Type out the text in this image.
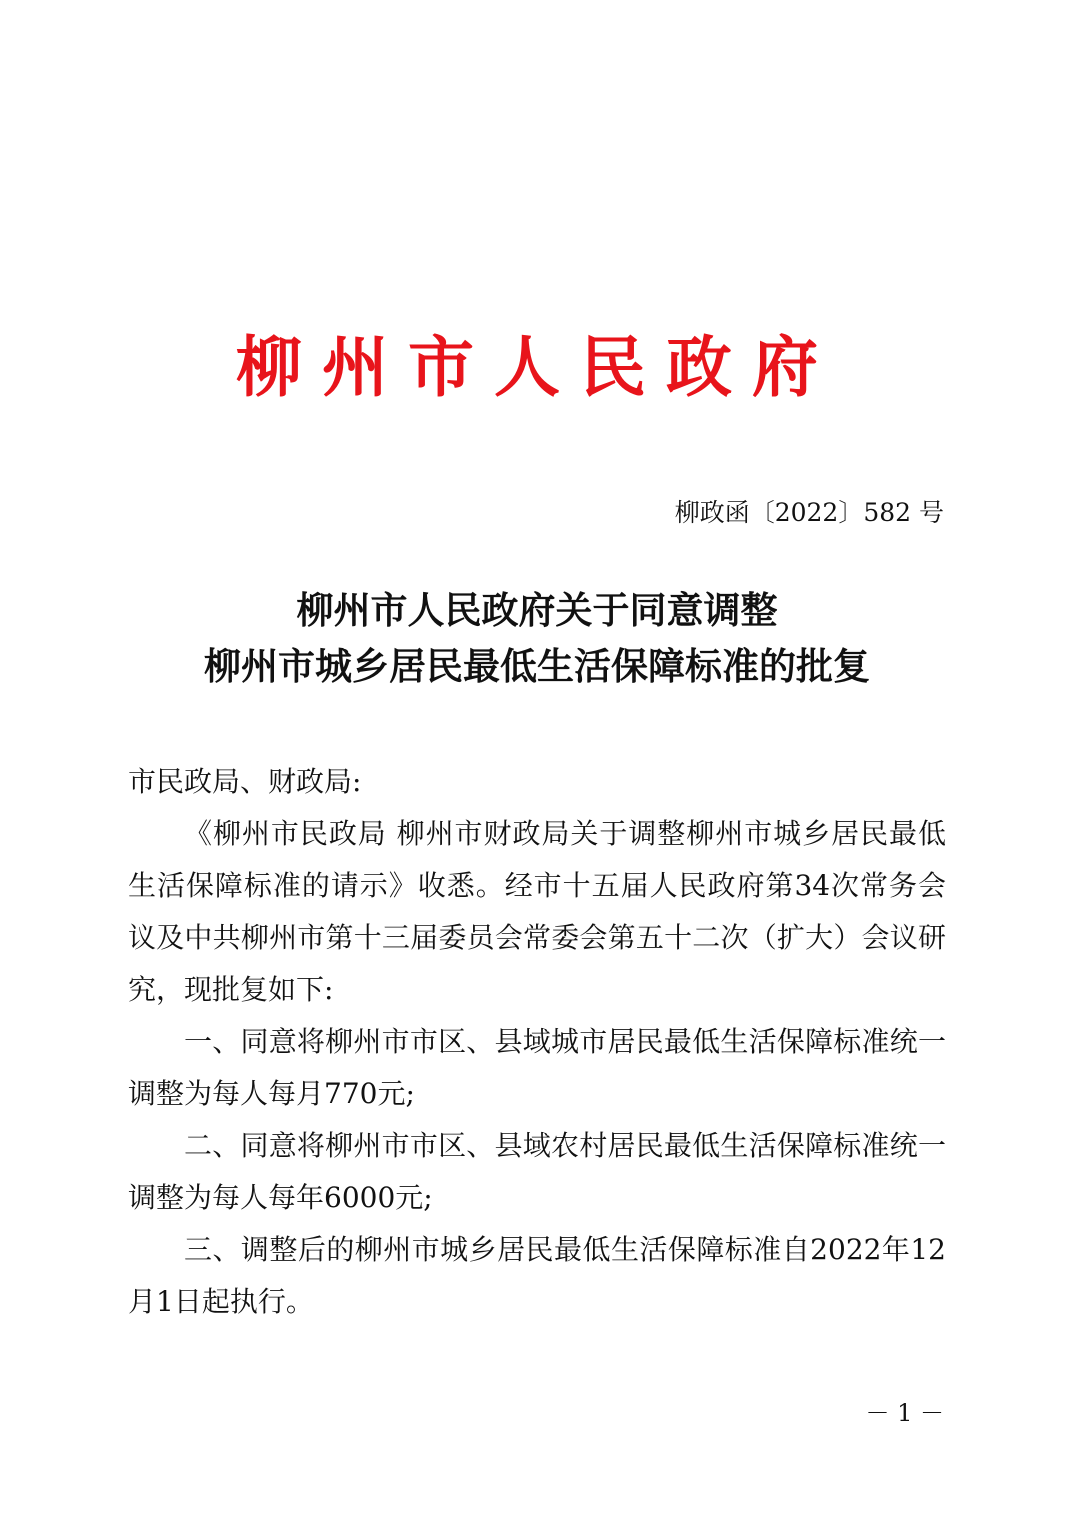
柳州市人民政府
柳政函〔2022〕582 号
柳州市人民政府关于同意调整
柳州市城乡居民最低生活保障标准的批复

市民政局、财政局:

《柳州市民政局 柳州市财政局关于调整柳州市城乡居民最低生活保障标准的请示》收悉。经市十五届人民政府第34次常务会议及中共柳州市第十三届委员会常委会第五十二次（扩大）会议研究，现批复如下:

一、同意将柳州市市区、县域城市居民最低生活保障标准统一调整为每人每月770元;

二、同意将柳州市市区、县域农村居民最低生活保障标准统一调整为每人每年6000元;

三、调整后的柳州市城乡居民最低生活保障标准自2022年12月1日起执行。

－ 1 －
